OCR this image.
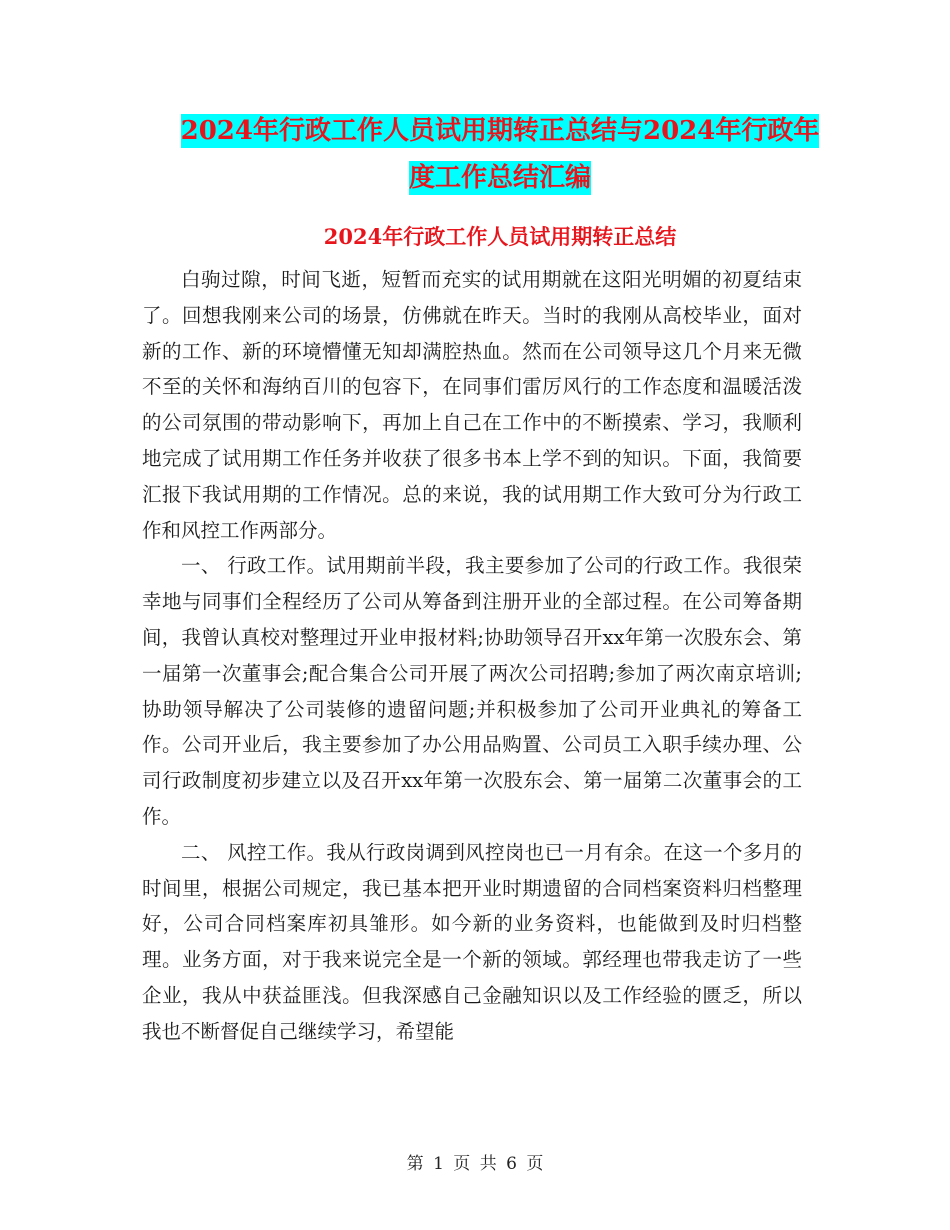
2024年行政工作人员试用期转正总结与2024年行政年
度工作总结汇编
2024年行政工作人员试用期转正总结

白驹过隙，时间飞逝，短暂而充实的试用期就在这阳光明媚的初夏结束了。回想我刚来公司的场景，仿佛就在昨天。当时的我刚从高校毕业，面对新的工作、新的环境懵懂无知却满腔热血。然而在公司领导这几个月来无微不至的关怀和海纳百川的包容下，在同事们雷厉风行的工作态度和温暖活泼的公司氛围的带动影响下，再加上自己在工作中的不断摸索、学习，我顺利地完成了试用期工作任务并收获了很多书本上学不到的知识。下面，我简要汇报下我试用期的工作情况。总的来说，我的试用期工作大致可分为行政工作和风控工作两部分。

一、 行政工作。试用期前半段，我主要参加了公司的行政工作。我很荣幸地与同事们全程经历了公司从筹备到注册开业的全部过程。在公司筹备期间，我曾认真校对整理过开业申报材料;协助领导召开xx年第一次股东会、第一届第一次董事会;配合集合公司开展了两次公司招聘;参加了两次南京培训;协助领导解决了公司装修的遗留问题;并积极参加了公司开业典礼的筹备工作。公司开业后，我主要参加了办公用品购置、公司员工入职手续办理、公司行政制度初步建立以及召开xx年第一次股东会、第一届第二次董事会的工作。

二、 风控工作。我从行政岗调到风控岗也已一月有余。在这一个多月的时间里，根据公司规定，我已基本把开业时期遗留的合同档案资料归档整理好，公司合同档案库初具雏形。如今新的业务资料，也能做到及时归档整理。业务方面，对于我来说完全是一个新的领域。郭经理也带我走访了一些企业，我从中获益匪浅。但我深感自己金融知识以及工作经验的匮乏，所以我也不断督促自己继续学习，希望能

第 1 页 共 6 页
